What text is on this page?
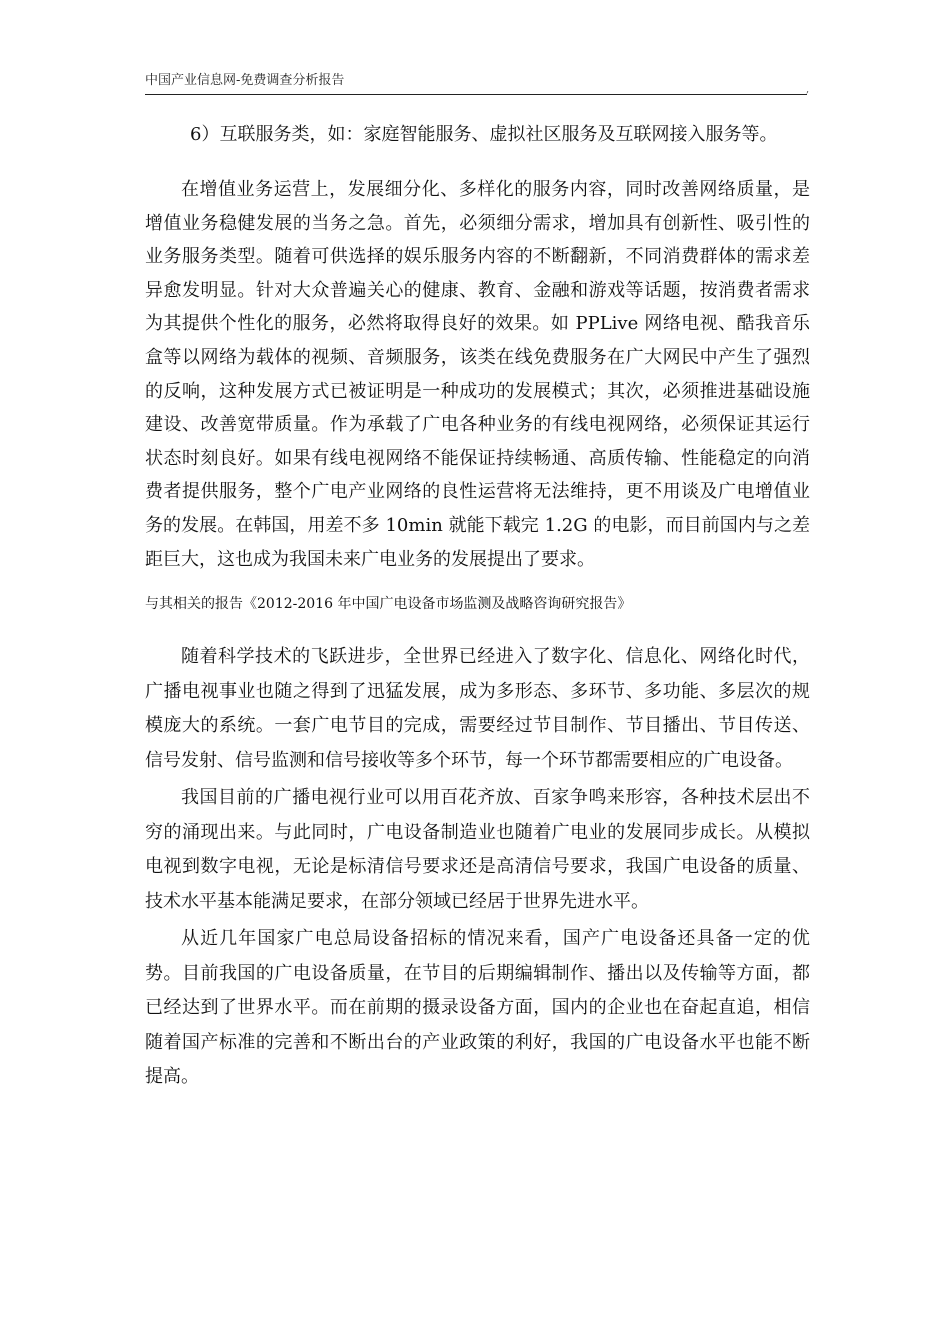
中国产业信息网-免费调查分析报告
,

6）互联服务类，如：家庭智能服务、虚拟社区服务及互联网接入服务等。

在增值业务运营上，发展细分化、多样化的服务内容，同时改善网络质量，是增值业务稳健发展的当务之急。首先，必须细分需求，增加具有创新性、吸引性的业务服务类型。随着可供选择的娱乐服务内容的不断翻新，不同消费群体的需求差异愈发明显。针对大众普遍关心的健康、教育、金融和游戏等话题，按消费者需求为其提供个性化的服务，必然将取得良好的效果。如 PPLive 网络电视、酷我音乐盒等以网络为载体的视频、音频服务，该类在线免费服务在广大网民中产生了强烈的反响，这种发展方式已被证明是一种成功的发展模式；其次，必须推进基础设施建设、改善宽带质量。作为承载了广电各种业务的有线电视网络，必须保证其运行状态时刻良好。如果有线电视网络不能保证持续畅通、高质传输、性能稳定的向消费者提供服务，整个广电产业网络的良性运营将无法维持，更不用谈及广电增值业务的发展。在韩国，用差不多 10min 就能下载完 1.2G 的电影，而目前国内与之差距巨大，这也成为我国未来广电业务的发展提出了要求。

与其相关的报告《2012-2016 年中国广电设备市场监测及战略咨询研究报告》

随着科学技术的飞跃进步，全世界已经进入了数字化、信息化、网络化时代，广播电视事业也随之得到了迅猛发展，成为多形态、多环节、多功能、多层次的规模庞大的系统。一套广电节目的完成，需要经过节目制作、节目播出、节目传送、信号发射、信号监测和信号接收等多个环节，每一个环节都需要相应的广电设备。

我国目前的广播电视行业可以用百花齐放、百家争鸣来形容，各种技术层出不穷的涌现出来。与此同时，广电设备制造业也随着广电业的发展同步成长。从模拟电视到数字电视，无论是标清信号要求还是高清信号要求，我国广电设备的质量、技术水平基本能满足要求，在部分领域已经居于世界先进水平。

从近几年国家广电总局设备招标的情况来看，国产广电设备还具备一定的优势。目前我国的广电设备质量，在节目的后期编辑制作、播出以及传输等方面，都已经达到了世界水平。而在前期的摄录设备方面，国内的企业也在奋起直追，相信随着国产标准的完善和不断出台的产业政策的利好，我国的广电设备水平也能不断提高。
